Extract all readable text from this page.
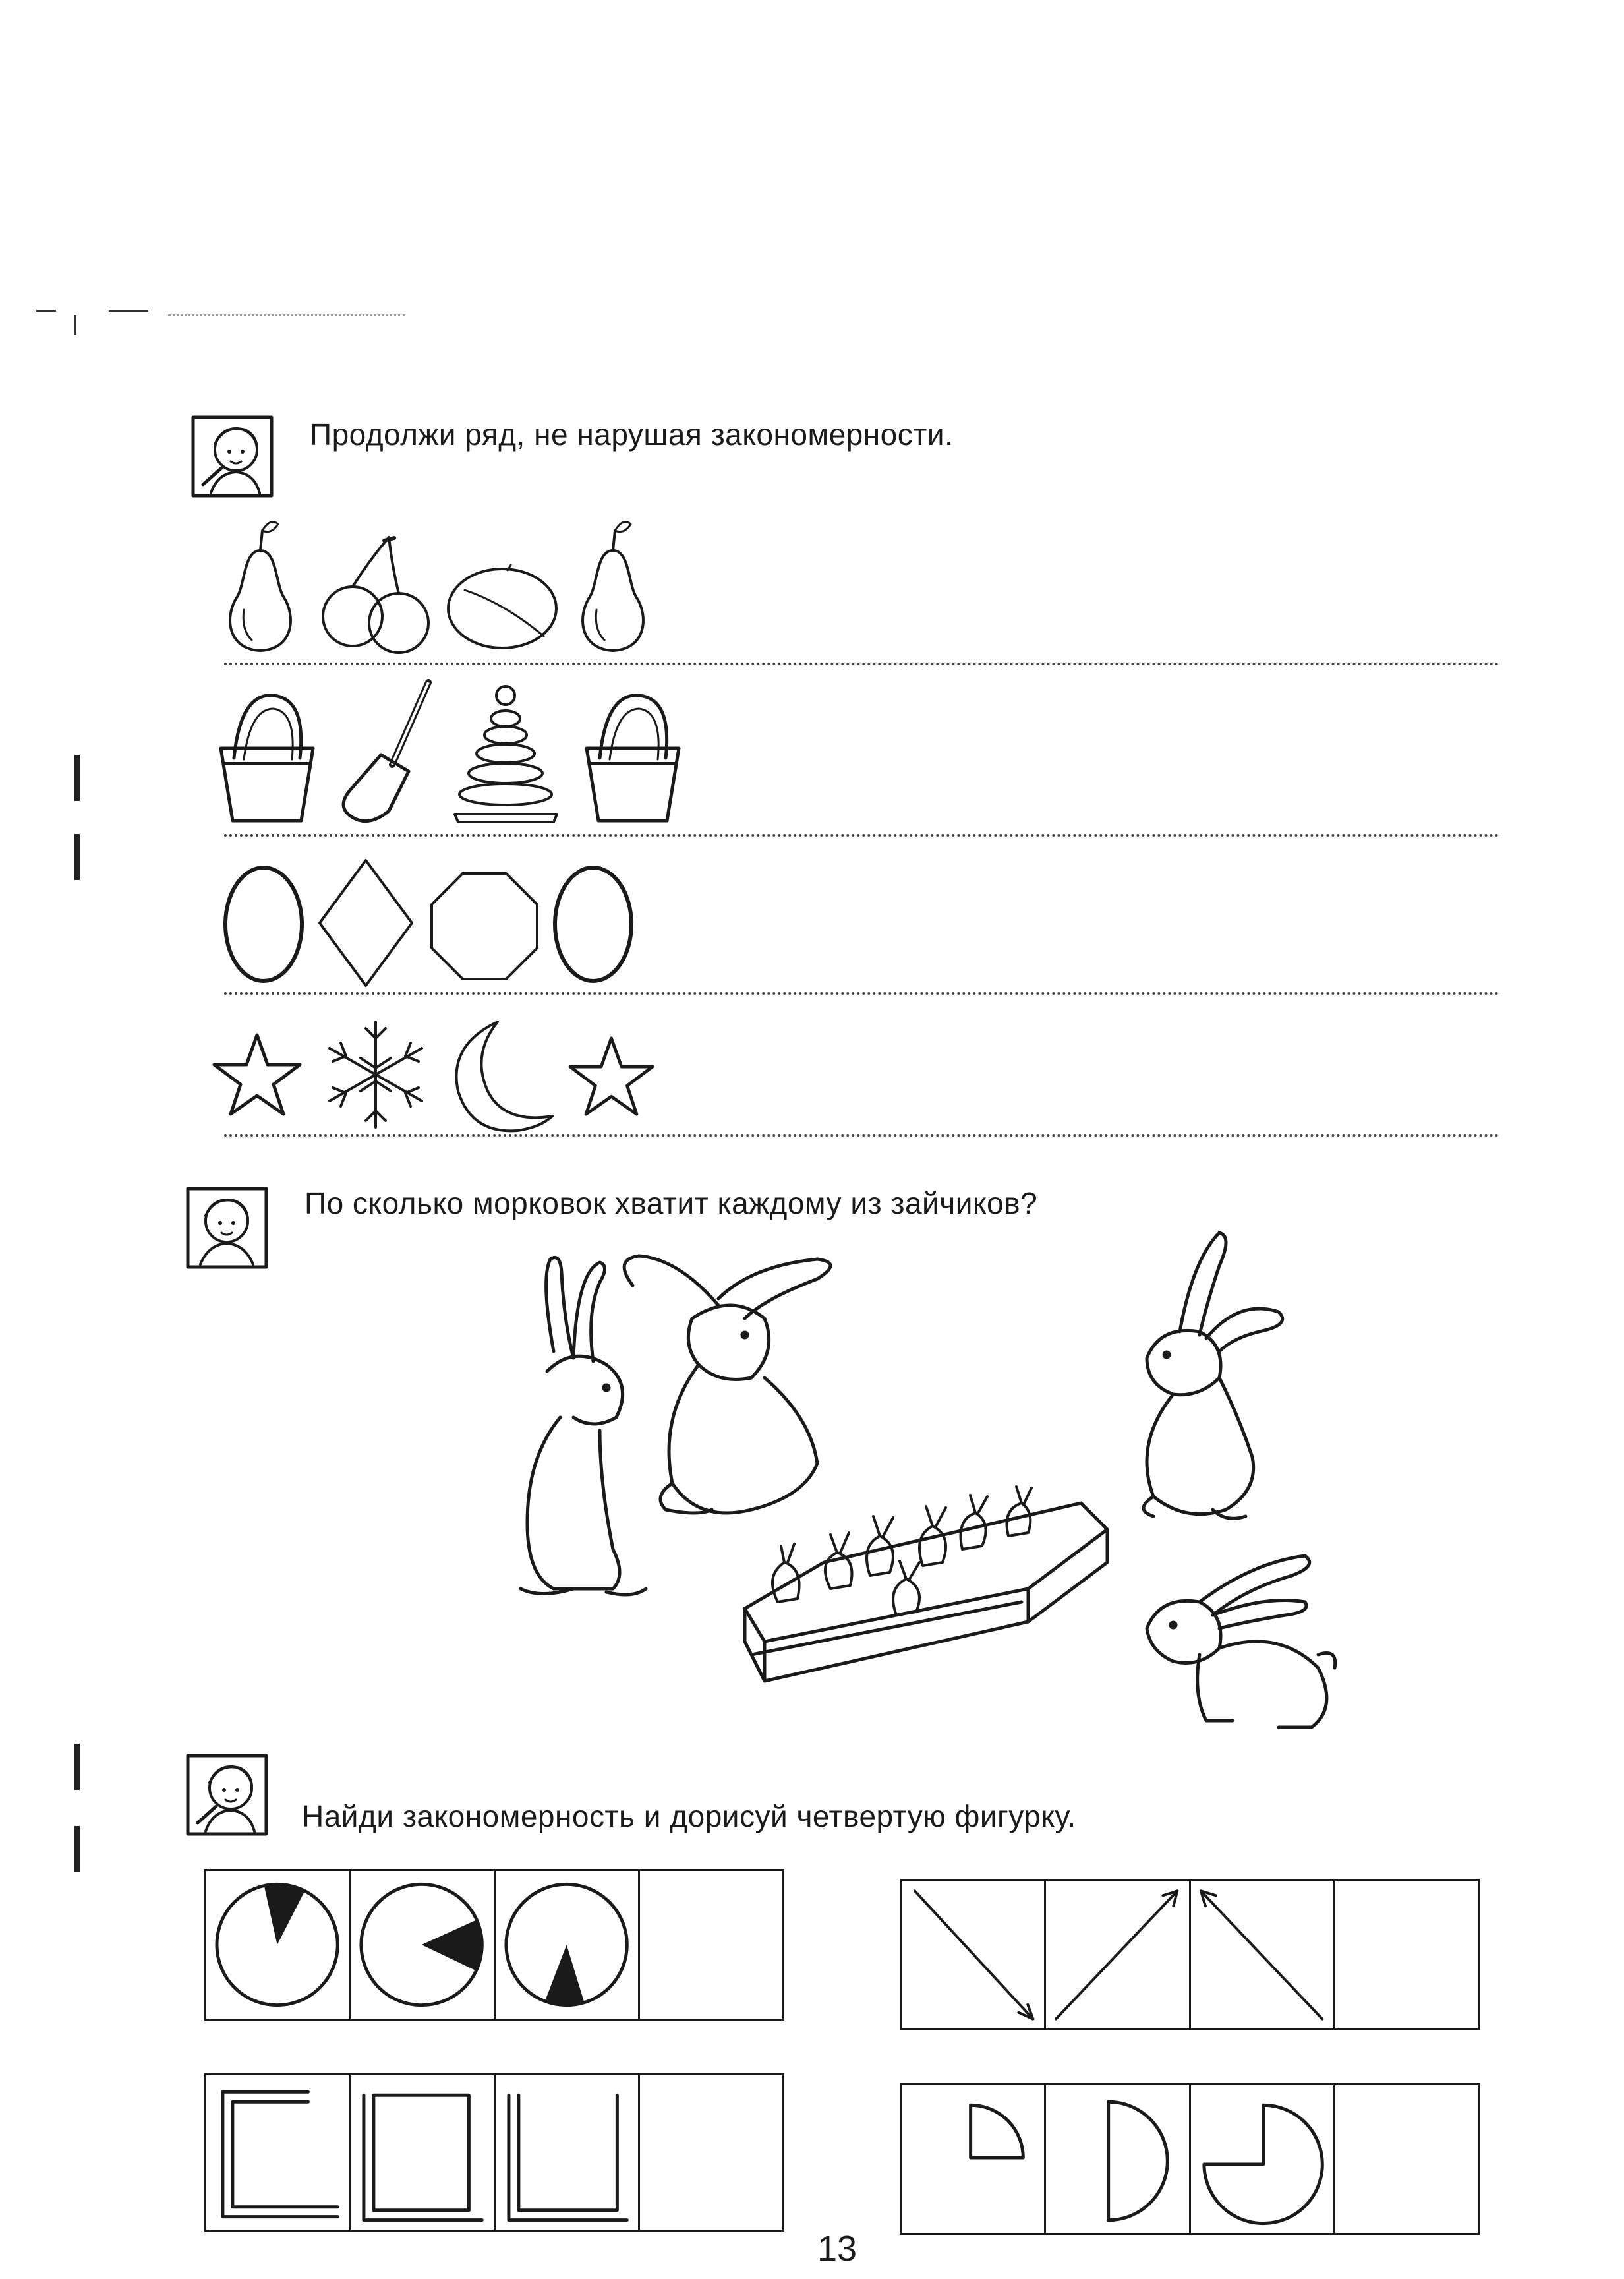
Продолжи ряд, не нарушая закономерности.
По сколько морковок хватит каждому из зайчиков?
Найди закономерность и дорисуй четвертую фигурку.
13
